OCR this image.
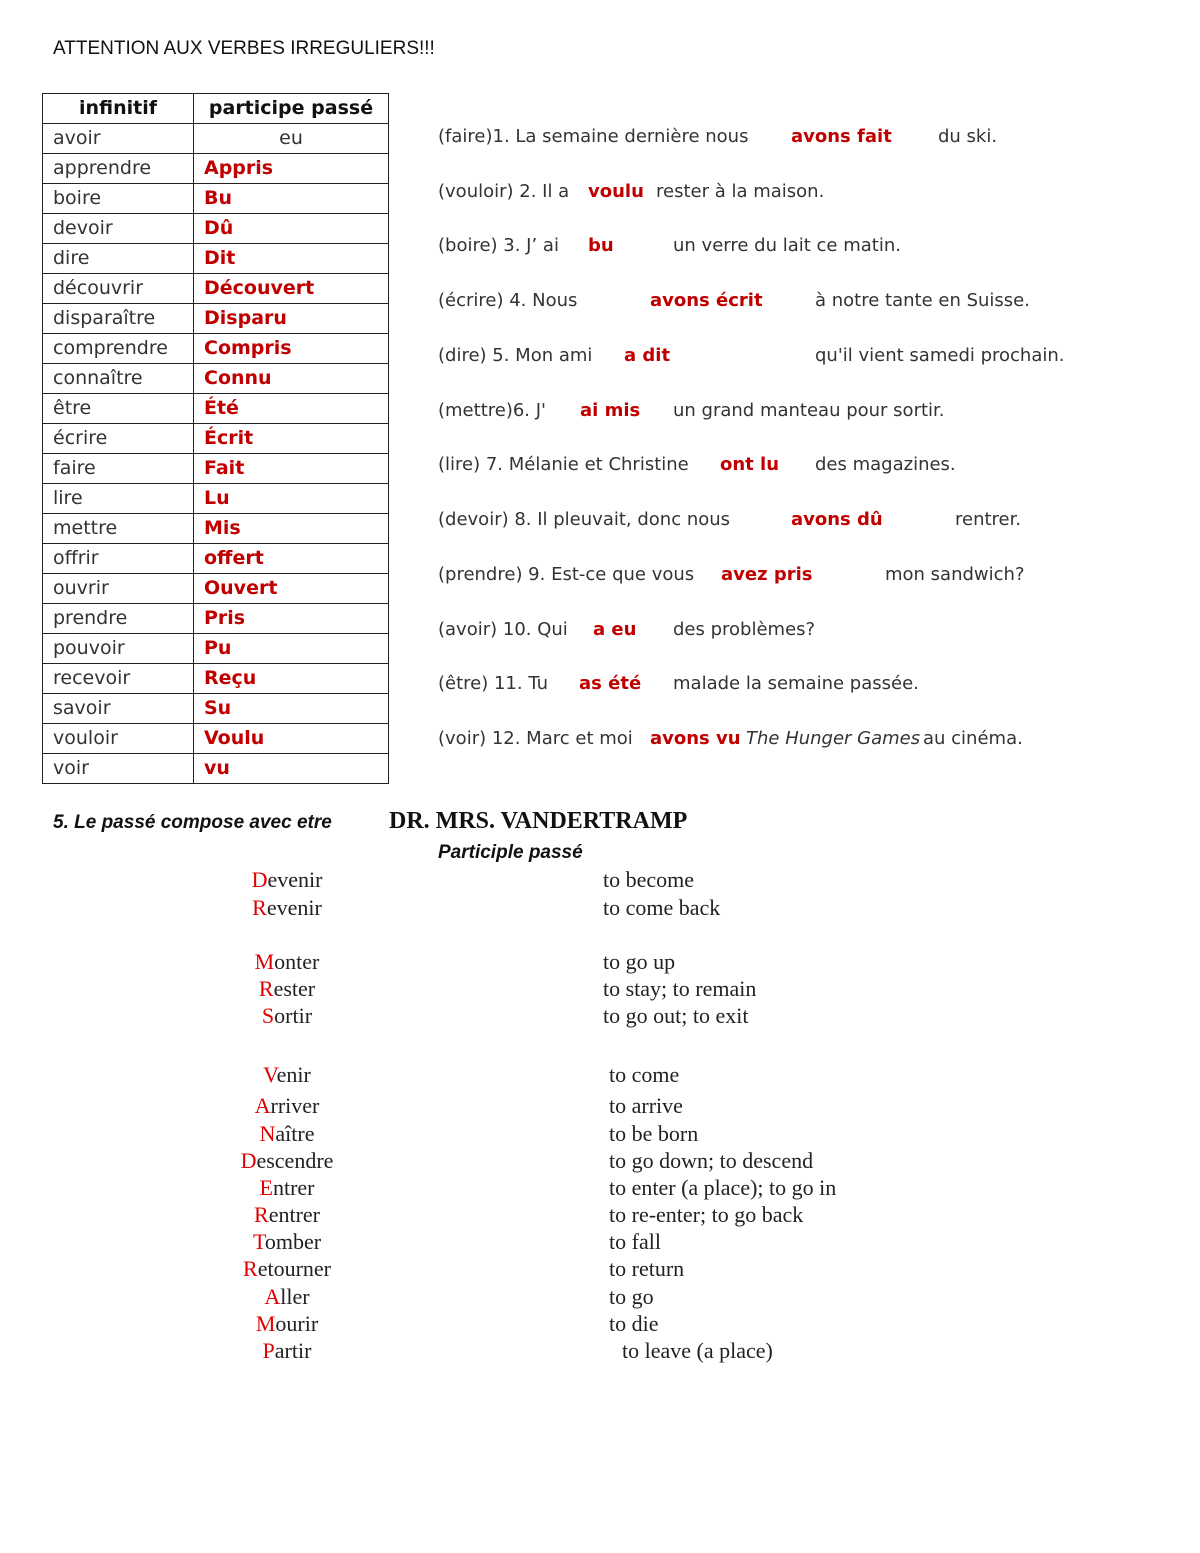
ATTENTION AUX VERBES IRREGULIERS!!!
infinitif	participe passé
avoir	eu
apprendre	Appris
boire	Bu
devoir	Dû
dire	Dit
découvrir	Découvert
disparaître	Disparu
comprendre	Compris
connaître	Connu
être	Été
écrire	Écrit
faire	Fait
lire	Lu
mettre	Mis
offrir	offert
ouvrir	Ouvert
prendre	Pris
pouvoir	Pu
recevoir	Reçu
savoir	Su
vouloir	Voulu
voir	vu
(faire)1. La semaine dernière nous avons fait	du ski.
(vouloir) 2. Il a voulu rester à la maison.
(boire) 3. J’ ai bu	un verre du lait ce matin.
(écrire) 4. Nous	avons écrit	à notre tante en Suisse.
(dire) 5. Mon ami a dit	qu'il vient samedi prochain.
(mettre)6. J' ai mis un grand manteau pour sortir.
(lire) 7. Mélanie et Christine ont lu des magazines.
(devoir) 8. Il pleuvait, donc nous	avons dû	rentrer.
(prendre) 9. Est-ce que vous avez pris	mon sandwich?
(avoir) 10. Qui a eu des problèmes?
(être) 11. Tu as été malade la semaine passée.
(voir) 12. Marc et moi avons vu The Hunger Games au cinéma.
5. Le passé compose avec etre DR. MRS. VANDERTRAMP
Participle passé
Devenir	to become
Revenir	to come back
Monter	to go up
Rester	to stay; to remain
Sortir	to go out; to exit
Venir	to come
Arriver	to arrive
Naître	to be born
Descendre	to go down; to descend
Entrer	to enter (a place); to go in
Rentrer	to re-enter; to go back
Tomber	to fall
Retourner	to return
Aller	to go
Mourir	to die
Partir	to leave (a place)
